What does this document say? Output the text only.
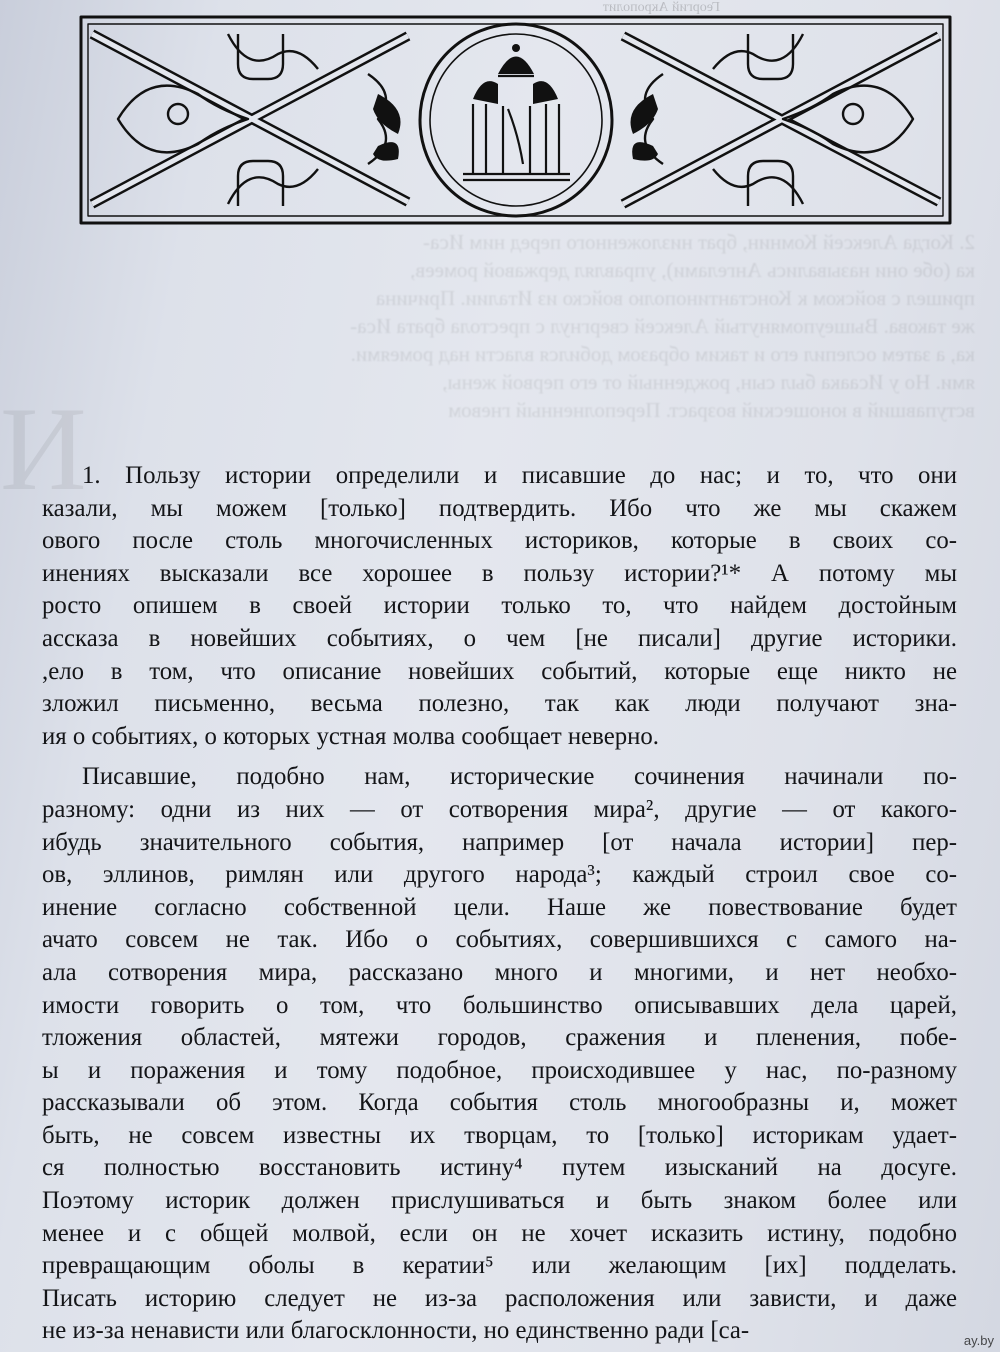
Георгий Акрополит
2. Когда Алексей Комнин, брат низложенного перед ним Иса-
ка (обе они назывались Ангелами), управлял державой ромеев,
пришел с войском к Константинополю войско из Италии. Причина
же такова. Вышеупомянутый Алексей свергнул с престола брата Иса-
ка, а затем ослепил его и таким образом добился власти над ромеями.
ями. Но у Исаака был сын, рожденный от его первой жены,
вступавший в юношеский возраст. Переполненный гневом
И
1. Пользу истории определили и писавшие до нас; и то, что они
казали, мы можем [только] подтвердить. Ибо что же мы скажем
ового после столь многочисленных историков, которые в своих со-
инениях высказали все хорошее в пользу истории?¹* А потому мы
росто опишем в своей истории только то, что найдем достойным
ассказа в новейших событиях, о чем [не писали] другие историки.
,ело в том, что описание новейших событий, которые еще никто не
зложил письменно, весьма полезно, так как люди получают зна-
ия о событиях, о которых устная молва сообщает неверно.
Писавшие, подобно нам, исторические сочинения начинали по-
разному: одни из них — от сотворения мира², другие — от какого-
ибудь значительного события, например [от начала истории] пер-
ов, эллинов, римлян или другого народа³; каждый строил свое со-
инение согласно собственной цели. Наше же повествование будет
ачато совсем не так. Ибо о событиях, совершившихся с самого на-
ала сотворения мира, рассказано много и многими, и нет необхо-
имости говорить о том, что большинство описывавших дела царей,
тложения областей, мятежи городов, сражения и пленения, побе-
ы и поражения и тому подобное, происходившее у нас, по-разному
рассказывали об этом. Когда события столь многообразны и, может
быть, не совсем известны их творцам, то [только] историкам удает-
ся полностью восстановить истину⁴ путем изысканий на досуге.
Поэтому историк должен прислушиваться и быть знаком более или
менее и с общей молвой, если он не хочет исказить истину, подобно
превращающим оболы в кератии⁵ или желающим [их] подделать.
Писать историю следует не из-за расположения или зависти, и даже
не из-за ненависти или благосклонности, но единственно ради [са-	ay.by
